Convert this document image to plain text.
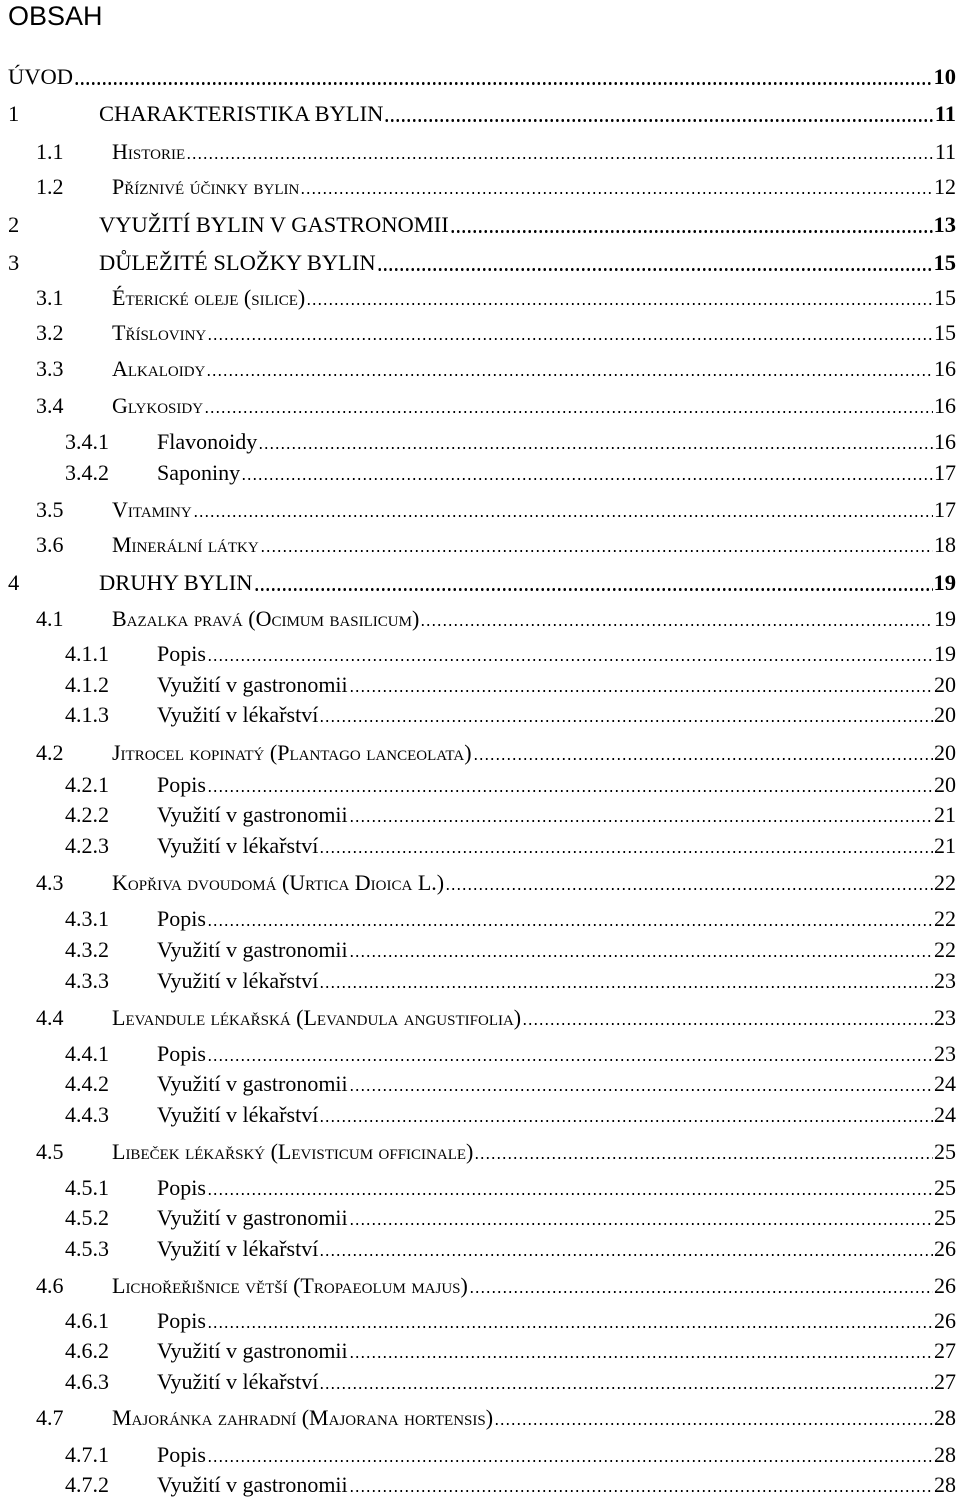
OBSAH
ÚVOD	10
1	CHARAKTERISTIKA BYLIN	11
1.1	Historie	11
1.2	Příznivé účinky bylin	12
2	VYUŽITÍ BYLIN V GASTRONOMII	13
3	DŮLEŽITÉ SLOŽKY BYLIN	15
3.1	Éterické oleje (silice)	15
3.2	Třísloviny	15
3.3	Alkaloidy	16
3.4	Glykosidy	16
3.4.1	Flavonoidy	16
3.4.2	Saponiny	17
3.5	Vitaminy	17
3.6	Minerální látky	18
4	DRUHY BYLIN	19
4.1	Bazalka pravá (Ocimum basilicum)	19
4.1.1	Popis	19
4.1.2	Využití v gastronomii	20
4.1.3	Využití v lékařství	20
4.2	Jitrocel kopinatý (Plantago lanceolata)	20
4.2.1	Popis	20
4.2.2	Využití v gastronomii	21
4.2.3	Využití v lékařství	21
4.3	Kopřiva dvoudomá (Urtica Dioica L.)	22
4.3.1	Popis	22
4.3.2	Využití v gastronomii	22
4.3.3	Využití v lékařství	23
4.4	Levandule lékařská (Levandula angustifolia)	23
4.4.1	Popis	23
4.4.2	Využití v gastronomii	24
4.4.3	Využití v lékařství	24
4.5	Libeček lékařský (Levisticum officinale)	25
4.5.1	Popis	25
4.5.2	Využití v gastronomii	25
4.5.3	Využití v lékařství	26
4.6	Lichořeřišnice větší (Tropaeolum majus)	26
4.6.1	Popis	26
4.6.2	Využití v gastronomii	27
4.6.3	Využití v lékařství	27
4.7	Majoránka zahradní (Majorana hortensis)	28
4.7.1	Popis	28
4.7.2	Využití v gastronomii	28
